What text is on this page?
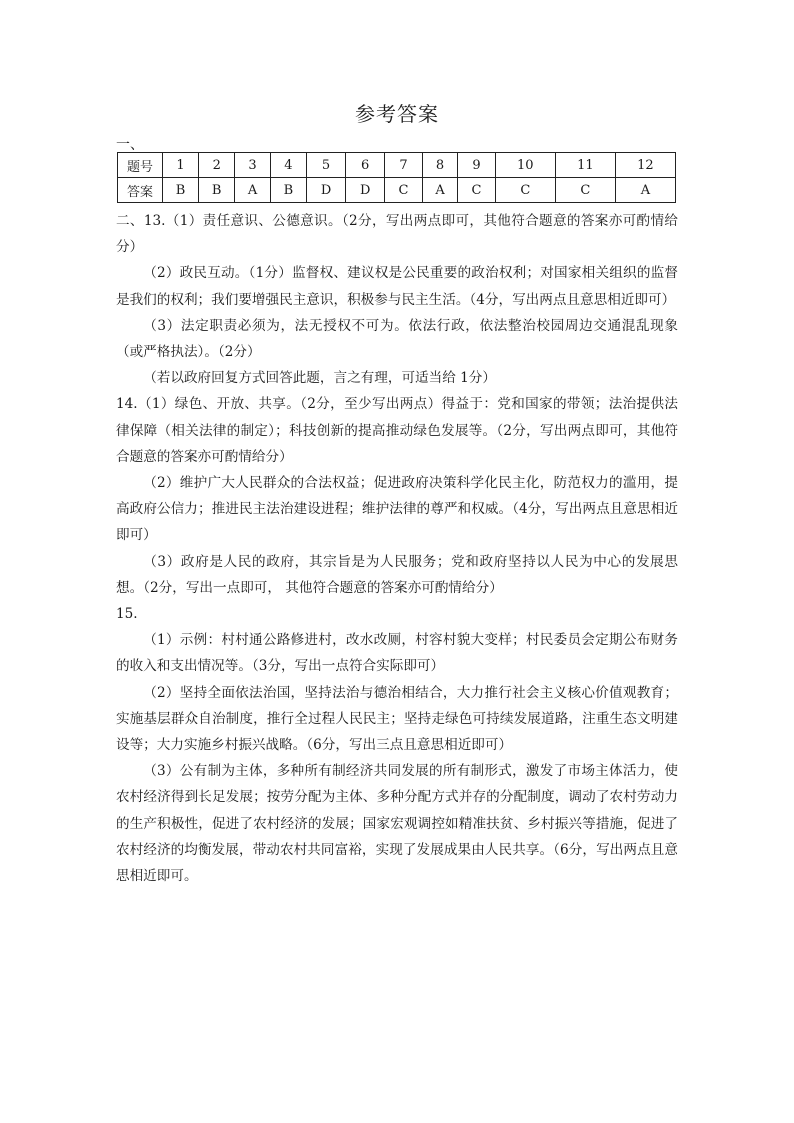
参考答案
一、
题号	1	2	3	4	5	6	7	8	9	10	11	12
答案	B	B	A	B	D	D	C	A	C	C	C	A

二、13.（1）责任意识、公德意识。（2分，写出两点即可，其他符合题意的答案亦可酌情给分）

（2）政民互动。（1分）监督权、建议权是公民重要的政治权利；对国家相关组织的监督是我们的权利；我们要增强民主意识，积极参与民主生活。（4分，写出两点且意思相近即可）

（3）法定职责必须为，法无授权不可为。依法行政，依法整治校园周边交通混乱现象（或严格执法）。（2分）

（若以政府回复方式回答此题，言之有理，可适当给 1分）

14.（1）绿色、开放、共享。（2分，至少写出两点）得益于：党和国家的带领；法治提供法律保障（相关法律的制定）；科技创新的提高推动绿色发展等。（2分，写出两点即可，其他符合题意的答案亦可酌情给分）

（2）维护广大人民群众的合法权益；促进政府决策科学化民主化，防范权力的滥用，提高政府公信力；推进民主法治建设进程；维护法律的尊严和权威。（4分，写出两点且意思相近即可）

（3）政府是人民的政府，其宗旨是为人民服务；党和政府坚持以人民为中心的发展思想。（2分，写出一点即可， 其他符合题意的答案亦可酌情给分）

15.

（1）示例：村村通公路修进村，改水改厕，村容村貌大变样；村民委员会定期公布财务的收入和支出情况等。（3分，写出一点符合实际即可）

（2）坚持全面依法治国，坚持法治与德治相结合，大力推行社会主义核心价值观教育；实施基层群众自治制度，推行全过程人民民主；坚持走绿色可持续发展道路，注重生态文明建设等；大力实施乡村振兴战略。（6分，写出三点且意思相近即可）

（3）公有制为主体，多种所有制经济共同发展的所有制形式，激发了市场主体活力，使农村经济得到长足发展；按劳分配为主体、多种分配方式并存的分配制度，调动了农村劳动力的生产积极性，促进了农村经济的发展；国家宏观调控如精准扶贫、乡村振兴等措施，促进了农村经济的均衡发展，带动农村共同富裕，实现了发展成果由人民共享。（6分，写出两点且意思相近即可。
